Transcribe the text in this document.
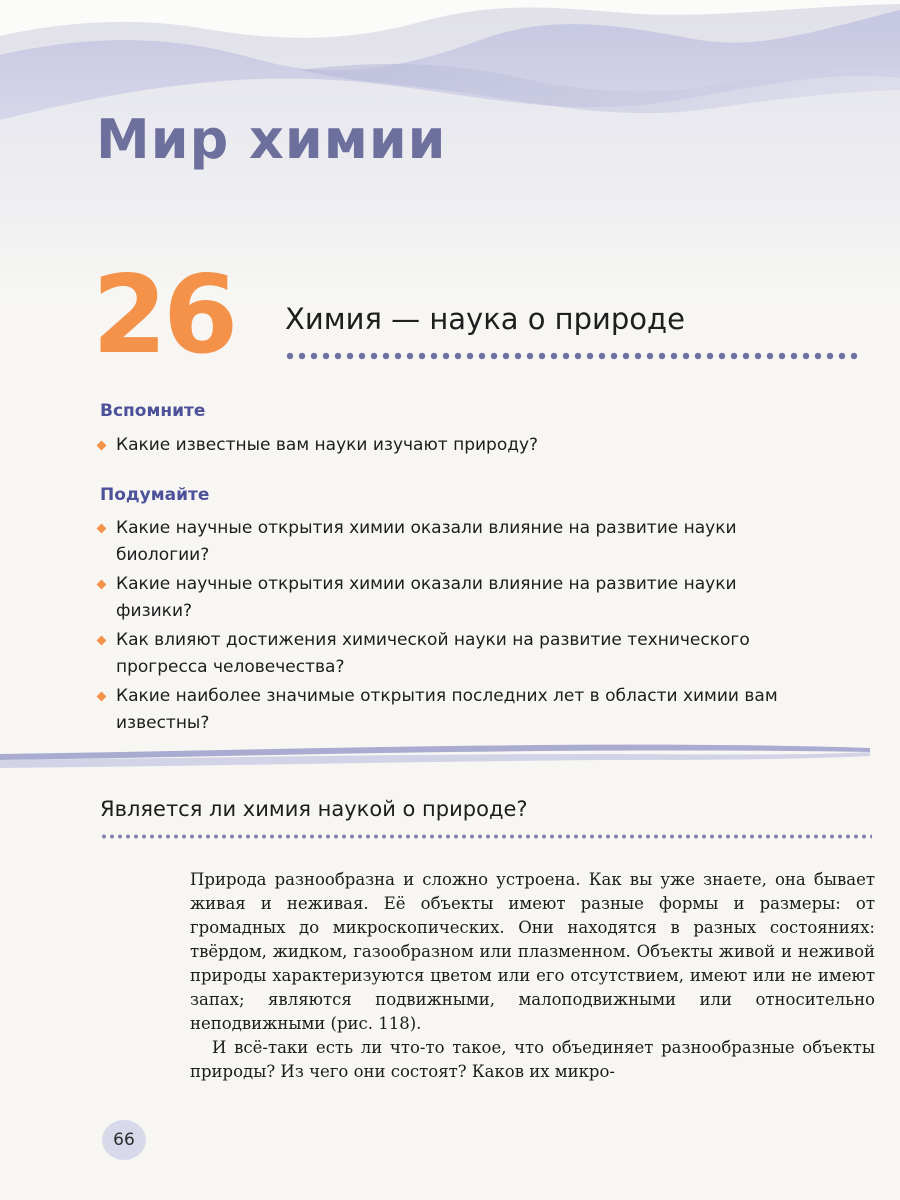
Мир химии
26 Химия — наука о природе
Вспомните
Какие известные вам науки изучают природу?
Подумайте
Какие научные открытия химии оказали влияние на развитие науки биологии?
Какие научные открытия химии оказали влияние на развитие науки физики?
Как влияют достижения химической науки на развитие технического прогресса человечества?
Какие наиболее значимые открытия последних лет в области химии вам известны?
Является ли химия наукой о природе?

Природа разнообразна и сложно устроена. Как вы уже знаете, она бывает живая и неживая. Её объекты имеют разные формы и размеры: от громадных до микроскопических. Они находятся в разных состояниях: твёрдом, жидком, газообразном или плазменном. Объекты живой и неживой природы характеризуются цветом или его отсутствием, имеют или не имеют запах; являются подвижными, малоподвижными или относительно неподвижными (рис. 118).

И всё-таки есть ли что-то такое, что объединяет разнообразные объекты природы? Из чего они состоят? Каков их микро-

66
